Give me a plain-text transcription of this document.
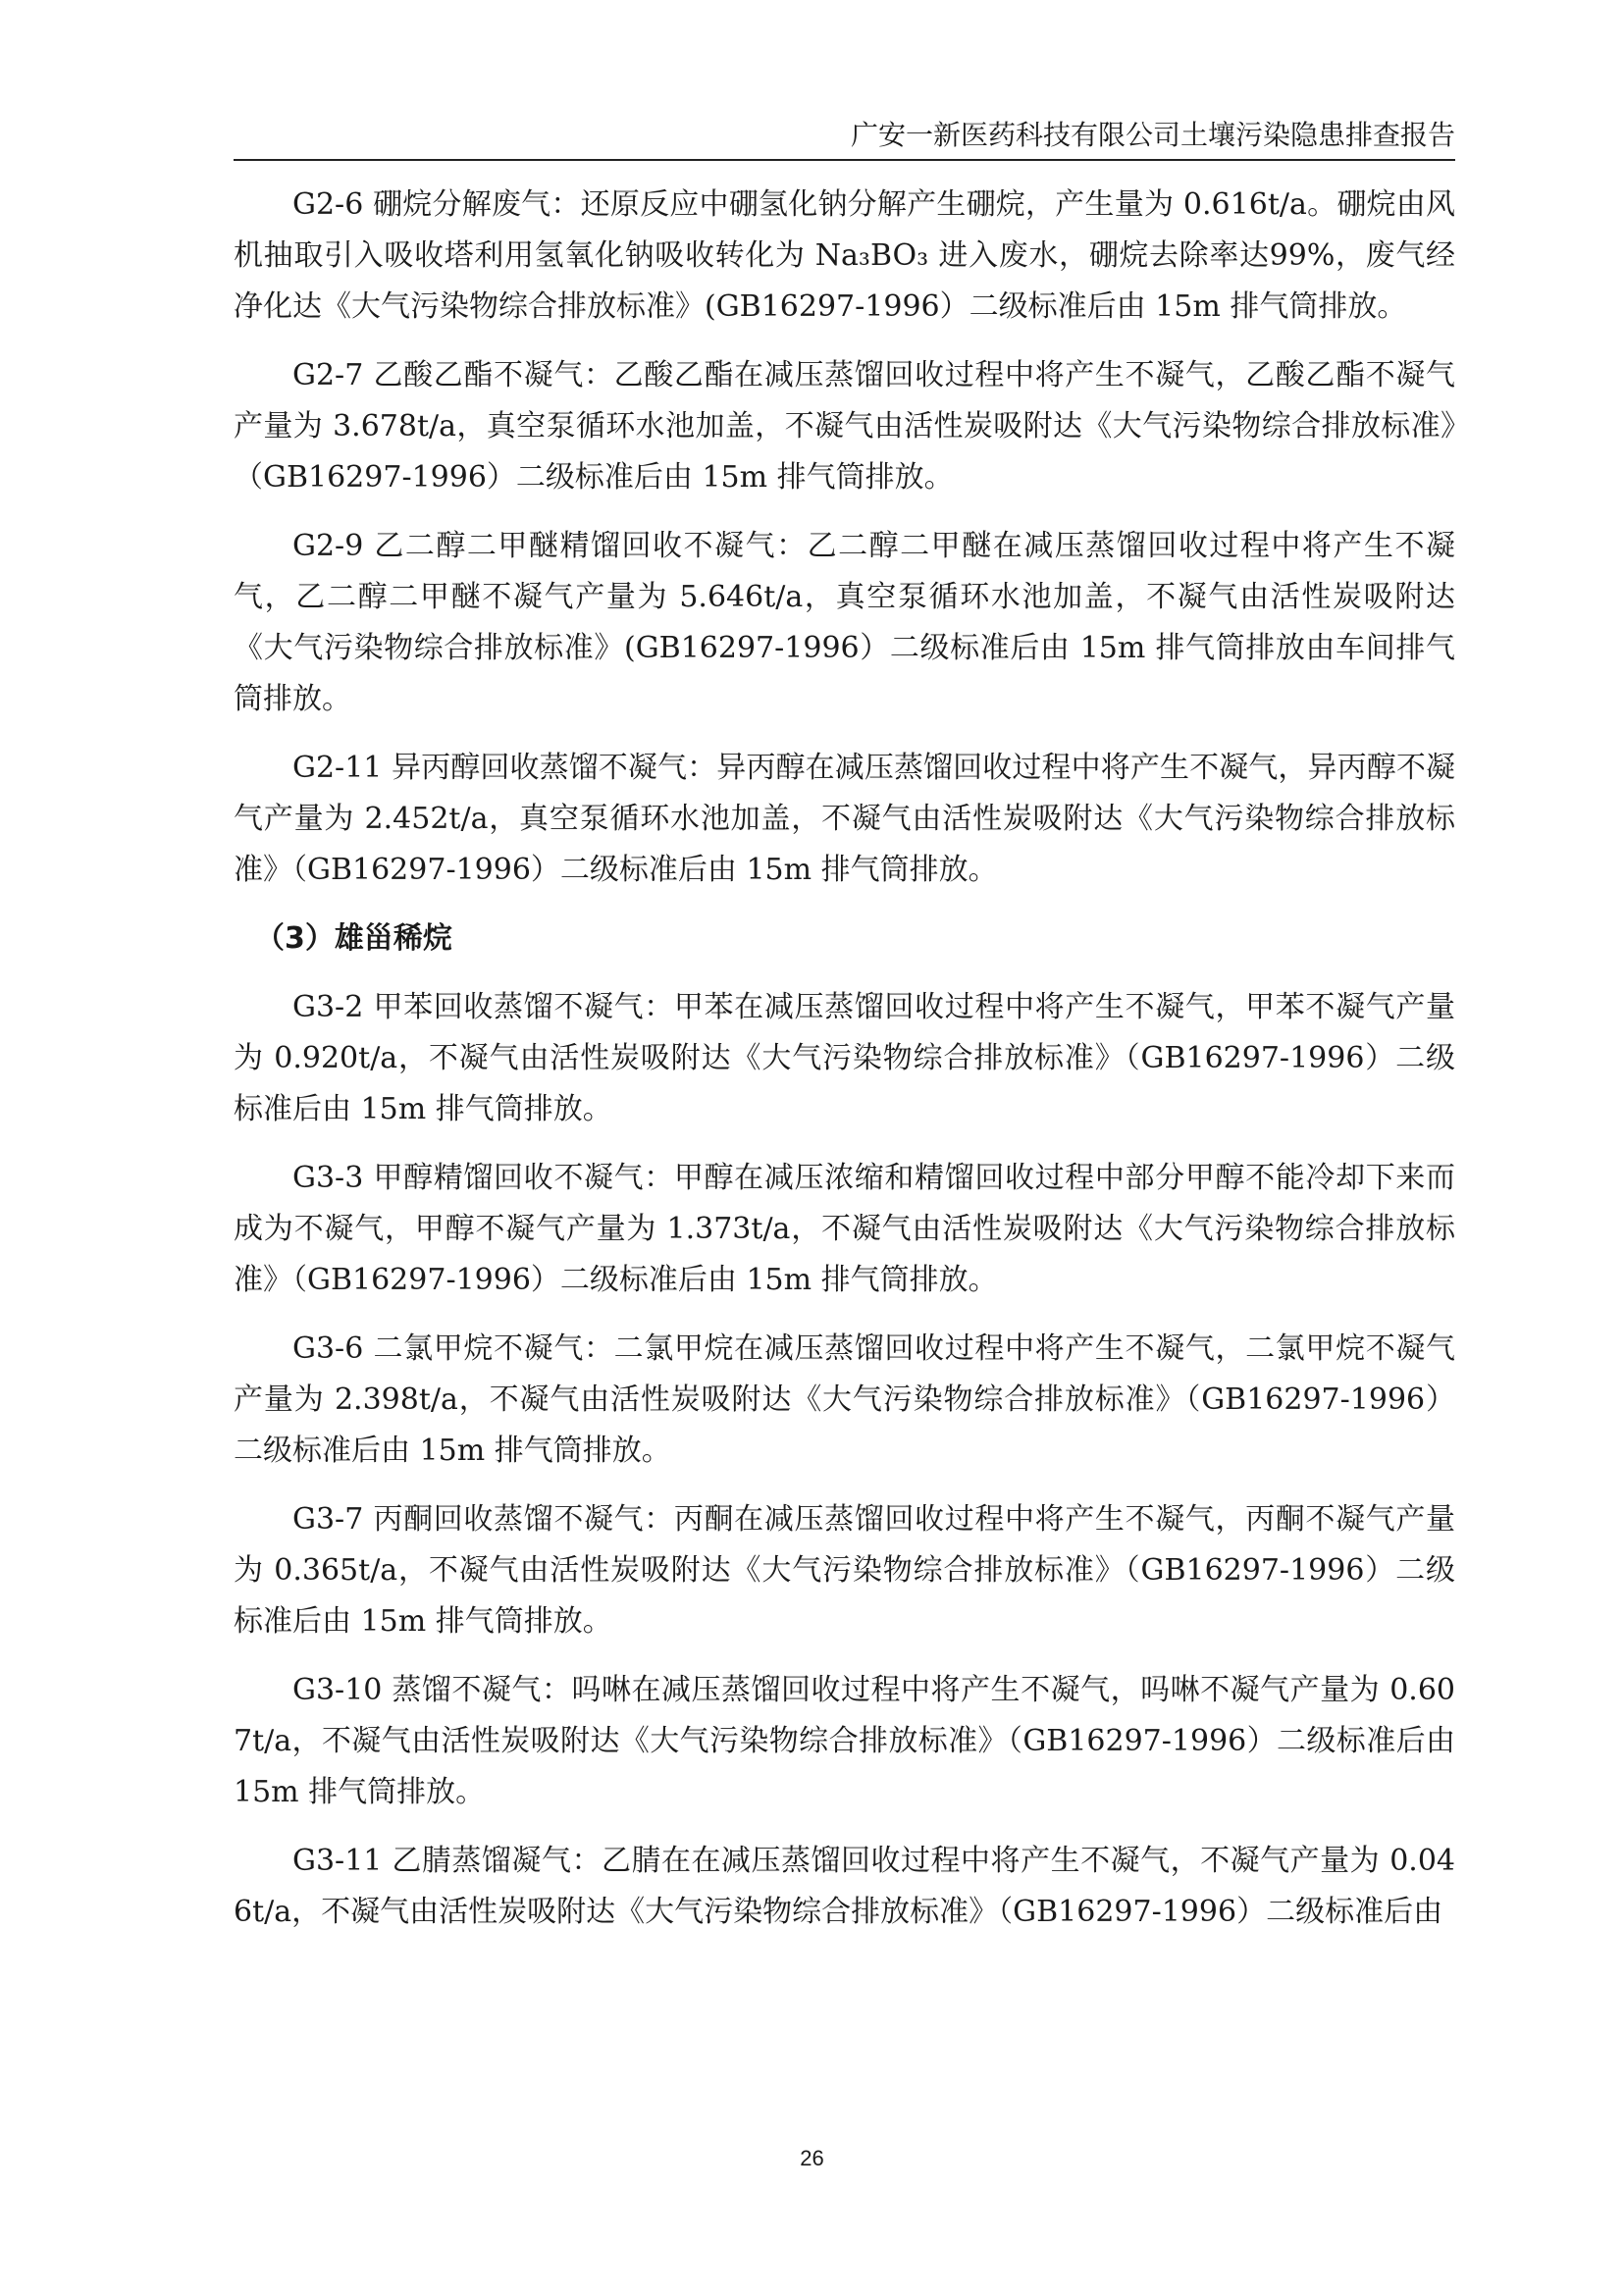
广安一新医药科技有限公司土壤污染隐患排查报告

G2-6 硼烷分解废气：还原反应中硼氢化钠分解产生硼烷，产生量为 0.616t/a。硼烷由风机抽取引入吸收塔利用氢氧化钠吸收转化为 Na₃BO₃ 进入废水，硼烷去除率达99%，废气经净化达《大气污染物综合排放标准》(GB16297-1996）二级标准后由 15m 排气筒排放。

G2-7 乙酸乙酯不凝气：乙酸乙酯在减压蒸馏回收过程中将产生不凝气，乙酸乙酯不凝气产量为 3.678t/a，真空泵循环水池加盖，不凝气由活性炭吸附达《大气污染物综合排放标准》（GB16297-1996）二级标准后由 15m 排气筒排放。

G2-9 乙二醇二甲醚精馏回收不凝气：乙二醇二甲醚在减压蒸馏回收过程中将产生不凝气，乙二醇二甲醚不凝气产量为 5.646t/a，真空泵循环水池加盖，不凝气由活性炭吸附达《大气污染物综合排放标准》(GB16297-1996）二级标准后由 15m 排气筒排放由车间排气筒排放。

G2-11 异丙醇回收蒸馏不凝气：异丙醇在减压蒸馏回收过程中将产生不凝气，异丙醇不凝气产量为 2.452t/a，真空泵循环水池加盖，不凝气由活性炭吸附达《大气污染物综合排放标准》（GB16297-1996）二级标准后由 15m 排气筒排放。

（3）雄甾稀烷

G3-2 甲苯回收蒸馏不凝气：甲苯在减压蒸馏回收过程中将产生不凝气，甲苯不凝气产量为 0.920t/a，不凝气由活性炭吸附达《大气污染物综合排放标准》（GB16297-1996）二级标准后由 15m 排气筒排放。

G3-3 甲醇精馏回收不凝气：甲醇在减压浓缩和精馏回收过程中部分甲醇不能冷却下来而成为不凝气，甲醇不凝气产量为 1.373t/a，不凝气由活性炭吸附达《大气污染物综合排放标准》（GB16297-1996）二级标准后由 15m 排气筒排放。

G3-6 二氯甲烷不凝气：二氯甲烷在减压蒸馏回收过程中将产生不凝气，二氯甲烷不凝气产量为 2.398t/a，不凝气由活性炭吸附达《大气污染物综合排放标准》（GB16297-1996）二级标准后由 15m 排气筒排放。

G3-7 丙酮回收蒸馏不凝气：丙酮在减压蒸馏回收过程中将产生不凝气，丙酮不凝气产量为 0.365t/a，不凝气由活性炭吸附达《大气污染物综合排放标准》（GB16297-1996）二级标准后由 15m 排气筒排放。

G3-10 蒸馏不凝气：吗啉在减压蒸馏回收过程中将产生不凝气，吗啉不凝气产量为 0.607t/a，不凝气由活性炭吸附达《大气污染物综合排放标准》（GB16297-1996）二级标准后由 15m 排气筒排放。

G3-11 乙腈蒸馏凝气：乙腈在在减压蒸馏回收过程中将产生不凝气，不凝气产量为 0.046t/a，不凝气由活性炭吸附达《大气污染物综合排放标准》（GB16297-1996）二级标准后由

26
